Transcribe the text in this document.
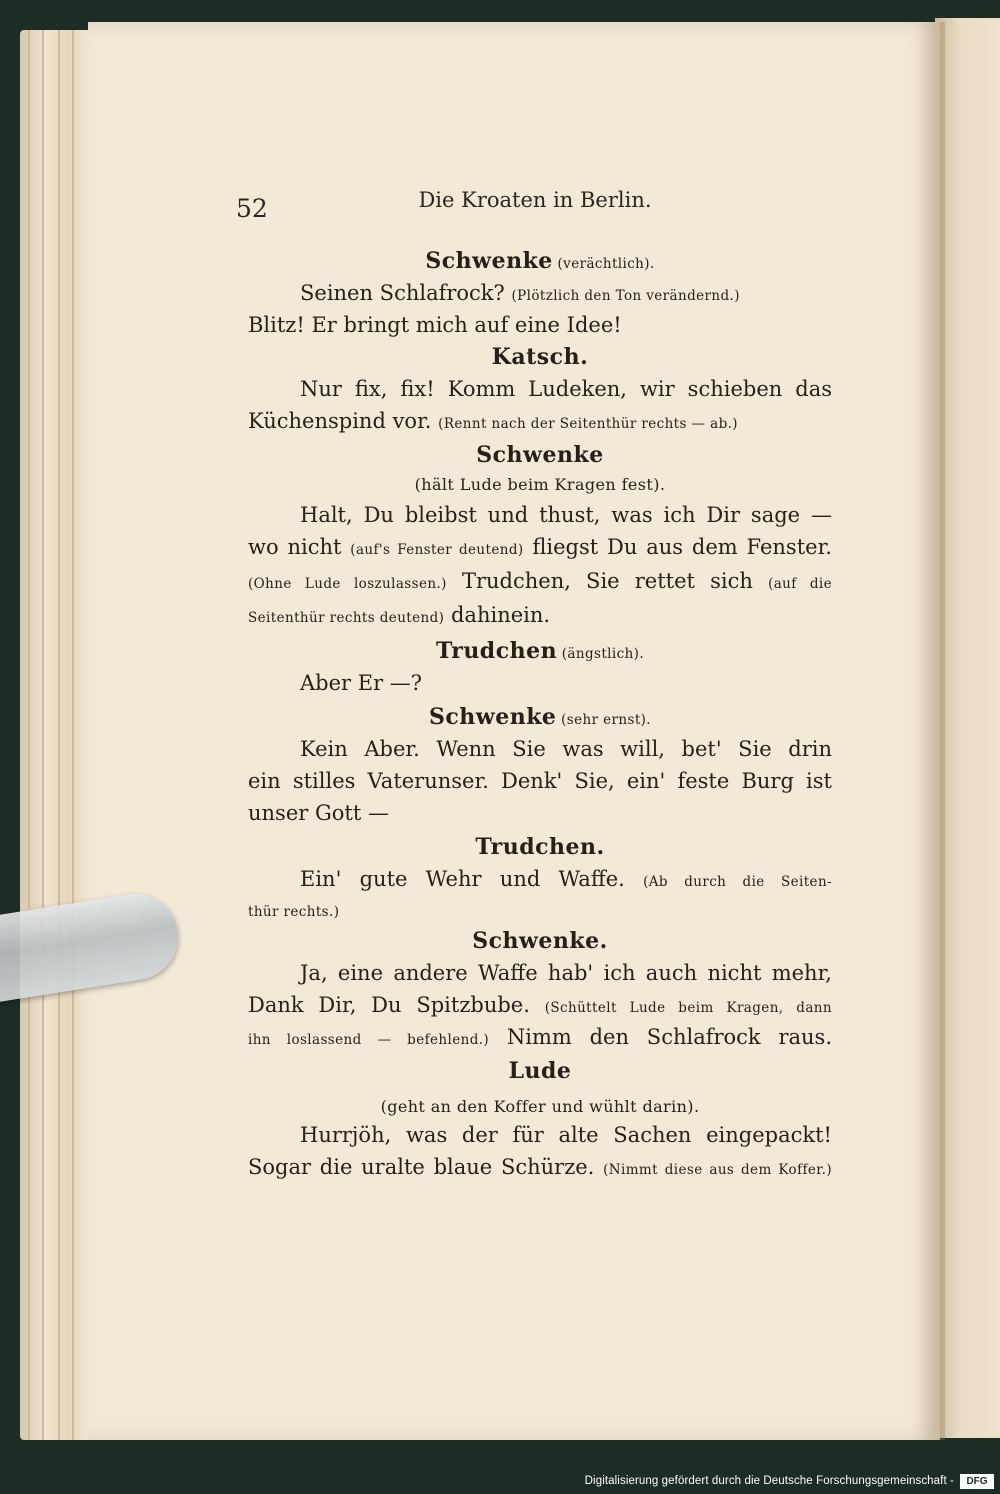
52	Die Kroaten in Berlin.
Schwenke (verächtlich).
Seinen Schlafrock? (Plötzlich den Ton verändernd.)
Blitz! Er bringt mich auf eine Idee!
Katsch.
Nur fix, fix! Komm Ludeken, wir schieben das
Küchenspind vor. (Rennt nach der Seitenthür rechts — ab.)
Schwenke
(hält Lude beim Kragen fest).
Halt, Du bleibst und thust, was ich Dir sage —
wo nicht (auf's Fenster deutend) fliegst Du aus dem Fenster.
(Ohne Lude loszulassen.) Trudchen, Sie rettet sich (auf die
Seitenthür rechts deutend) dahinein.
Trudchen (ängstlich).
Aber Er —?
Schwenke (sehr ernst).
Kein Aber. Wenn Sie was will, bet' Sie drin
ein stilles Vaterunser. Denk' Sie, ein' feste Burg ist
unser Gott —
Trudchen.
Ein' gute Wehr und Waffe. (Ab durch die Seiten-
thür rechts.)
Schwenke.
Ja, eine andere Waffe hab' ich auch nicht mehr,
Dank Dir, Du Spitzbube. (Schüttelt Lude beim Kragen, dann
ihn loslassend — befehlend.) Nimm den Schlafrock raus.
Lude
(geht an den Koffer und wühlt darin).
Hurrjöh, was der für alte Sachen eingepackt!
Sogar die uralte blaue Schürze. (Nimmt diese aus dem Koffer.)
Digitalisierung gefördert durch die Deutsche Forschungsgemeinschaft -	DFG
